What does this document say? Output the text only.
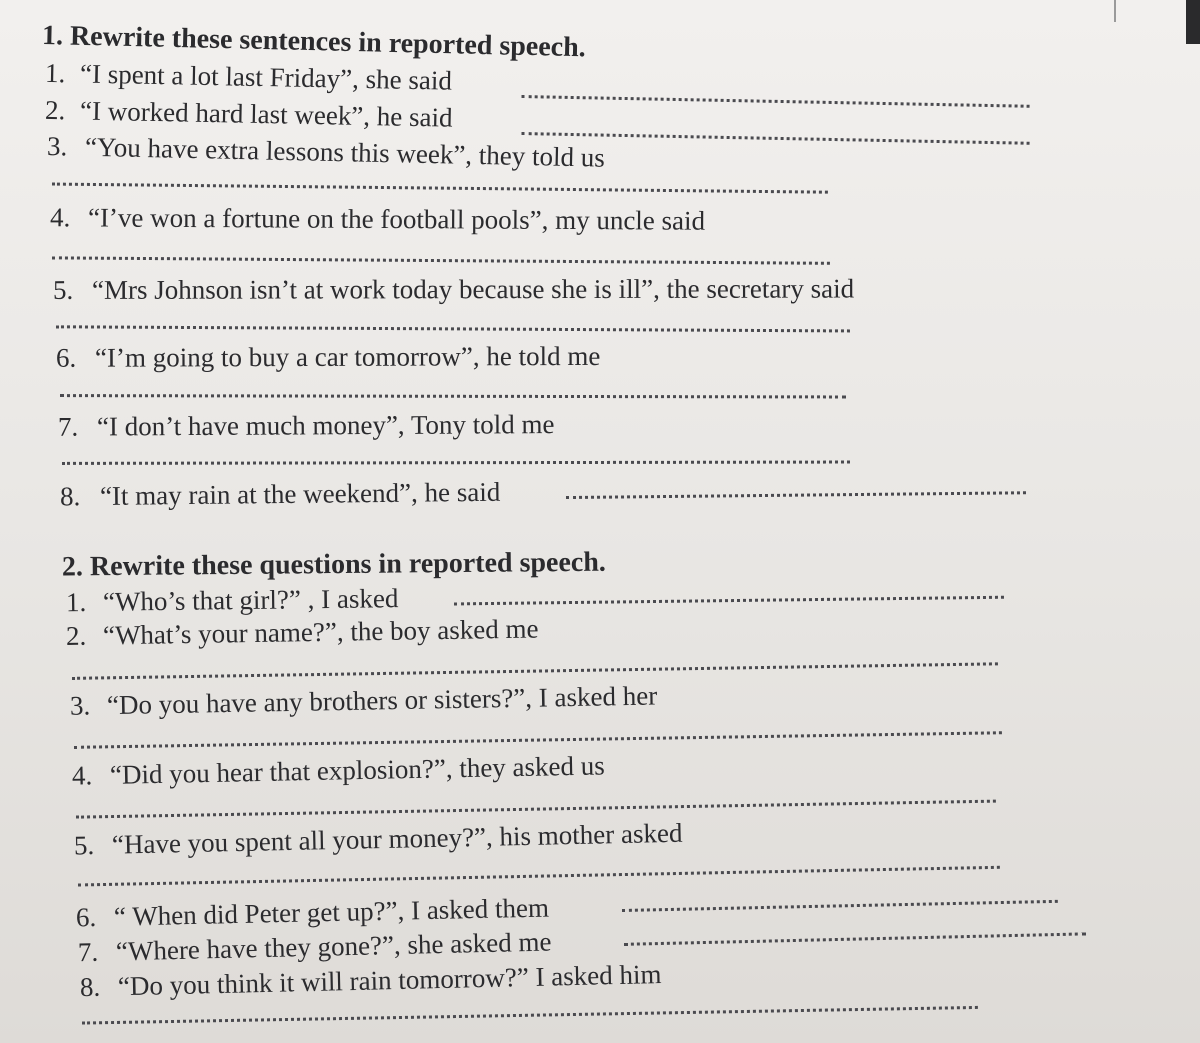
1. Rewrite these sentences in reported speech.
1. “I spent a lot last Friday”, she said
2. “I worked hard last week”, he said
3. “You have extra lessons this week”, they told us
4. “I’ve won a fortune on the football pools”, my uncle said
5. “Mrs Johnson isn’t at work today because she is ill”, the secretary said
6. “I’m going to buy a car tomorrow”, he told me
7. “I don’t have much money”, Tony told me
8. “It may rain at the weekend”, he said
2. Rewrite these questions in reported speech.
1. “Who’s that girl?” , I asked
2. “What’s your name?”, the boy asked me
3. “Do you have any brothers or sisters?”, I asked her
4. “Did you hear that explosion?”, they asked us
5. “Have you spent all your money?”, his mother asked
6. “ When did Peter get up?”, I asked them
7. “Where have they gone?”, she asked me
8. “Do you think it will rain tomorrow?” I asked him
